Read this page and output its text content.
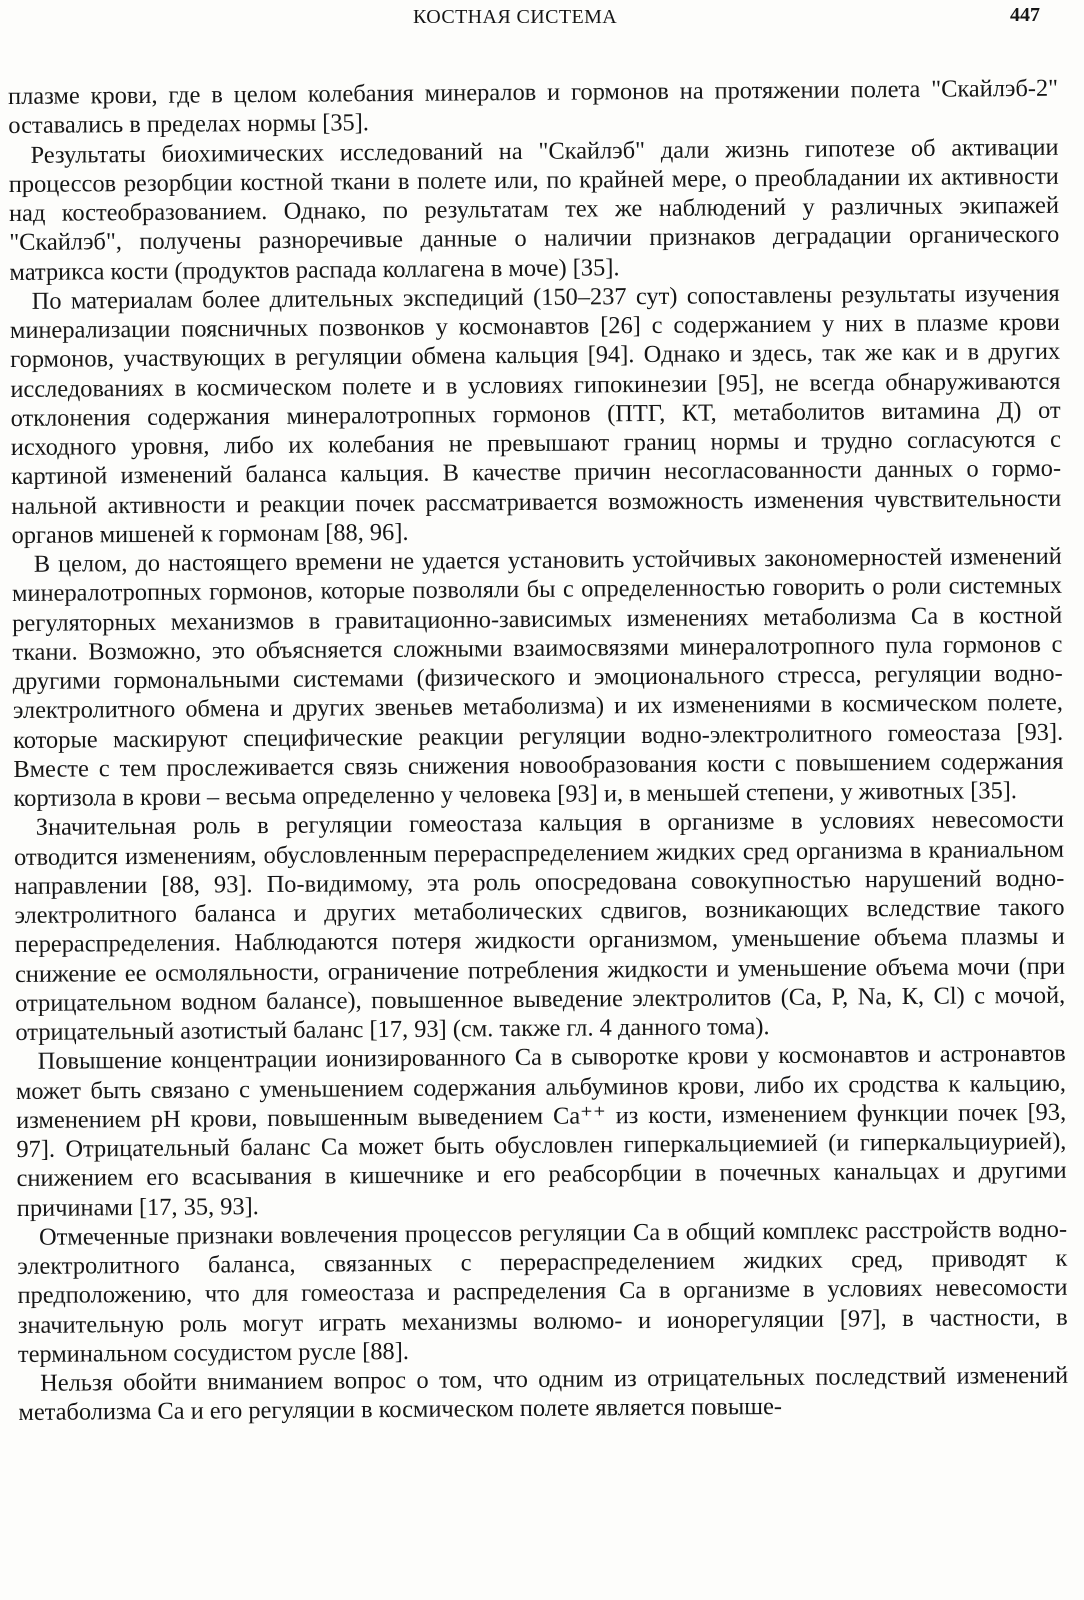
КОСТНАЯ СИСТЕМА	447

плазме крови, где в целом колебания минералов и гормонов на протяжении полета "Скайлэб-2" оставались в пределах нормы [35].

Результаты биохимических исследований на "Скайлэб" дали жизнь гипотезе об активации процессов резорбции костной ткани в полете или, по крайней мере, о преобладании их активности над костеобразованием. Однако, по результатам тех же наблюдений у различных экипажей "Скайлэб", получены разноречивые данные о наличии признаков деградации органического матрикса кости (продуктов распада коллагена в моче) [35].

По материалам более длительных экспедиций (150–237 сут) сопоставлены результаты изучения минерализации поясничных позвонков у космонавтов [26] с содержанием у них в плазме крови гормонов, участвующих в регуляции обмена кальция [94]. Однако и здесь, так же как и в других исследованиях в космическом полете и в условиях гипокинезии [95], не всегда обнаруживаются отклонения содержания минералотропных гормонов (ПТГ, КТ, метаболитов витамина Д) от исходного уровня, либо их колебания не превышают границ нормы и трудно согласуются с картиной изменений баланса кальция. В качестве причин несогласованности данных о гормональной активности и реакции почек рассматривается возможность изменения чувствительности органов мишеней к гормонам [88, 96].

В целом, до настоящего времени не удается установить устойчивых закономерностей изменений минералотропных гормонов, которые позволяли бы с определенностью говорить о роли системных регуляторных механизмов в гравитационно-зависимых изменениях метаболизма Са в костной ткани. Возможно, это объясняется сложными взаимосвязями минералотропного пула гормонов с другими гормональными системами (физического и эмоционального стресса, регуляции водно-электролитного обмена и других звеньев метаболизма) и их изменениями в космическом полете, которые маскируют специфические реакции регуляции водно-электролитного гомеостаза [93]. Вместе с тем прослеживается связь снижения новообразования кости с повышением содержания кортизола в крови – весьма определенно у человека [93] и, в меньшей степени, у животных [35].

Значительная роль в регуляции гомеостаза кальция в организме в условиях невесомости отводится изменениям, обусловленным перераспределением жидких сред организма в краниальном направлении [88, 93]. По-видимому, эта роль опосредована совокупностью нарушений водно-электролитного баланса и других метаболических сдвигов, возникающих вследствие такого перераспределения. Наблюдаются потеря жидкости организмом, уменьшение объема плазмы и снижение ее осмоляльности, ограничение потребления жидкости и уменьшение объема мочи (при отрицательном водном балансе), повышенное выведение электролитов (Са, Р, Na, К, Cl) с мочой, отрицательный азотистый баланс [17, 93] (см. также гл. 4 данного тома).

Повышение концентрации ионизированного Са в сыворотке крови у космонавтов и астронавтов может быть связано с уменьшением содержания альбуминов крови, либо их сродства к кальцию, изменением рН крови, повышенным выведением Са⁺⁺ из кости, изменением функции почек [93, 97]. Отрицательный баланс Са может быть обусловлен гиперкальциемией (и гиперкальциурией), снижением его всасывания в кишечнике и его реабсорбции в почечных канальцах и другими причинами [17, 35, 93].

Отмеченные признаки вовлечения процессов регуляции Са в общий комплекс расстройств водно-электролитного баланса, связанных с перераспределением жидких сред, приводят к предположению, что для гомеостаза и распределения Са в организме в условиях невесомости значительную роль могут играть механизмы волюмо- и ионорегуляции [97], в частности, в терминальном сосудистом русле [88].

Нельзя обойти вниманием вопрос о том, что одним из отрицательных последствий изменений метаболизма Са и его регуляции в космическом полете является повыше-
